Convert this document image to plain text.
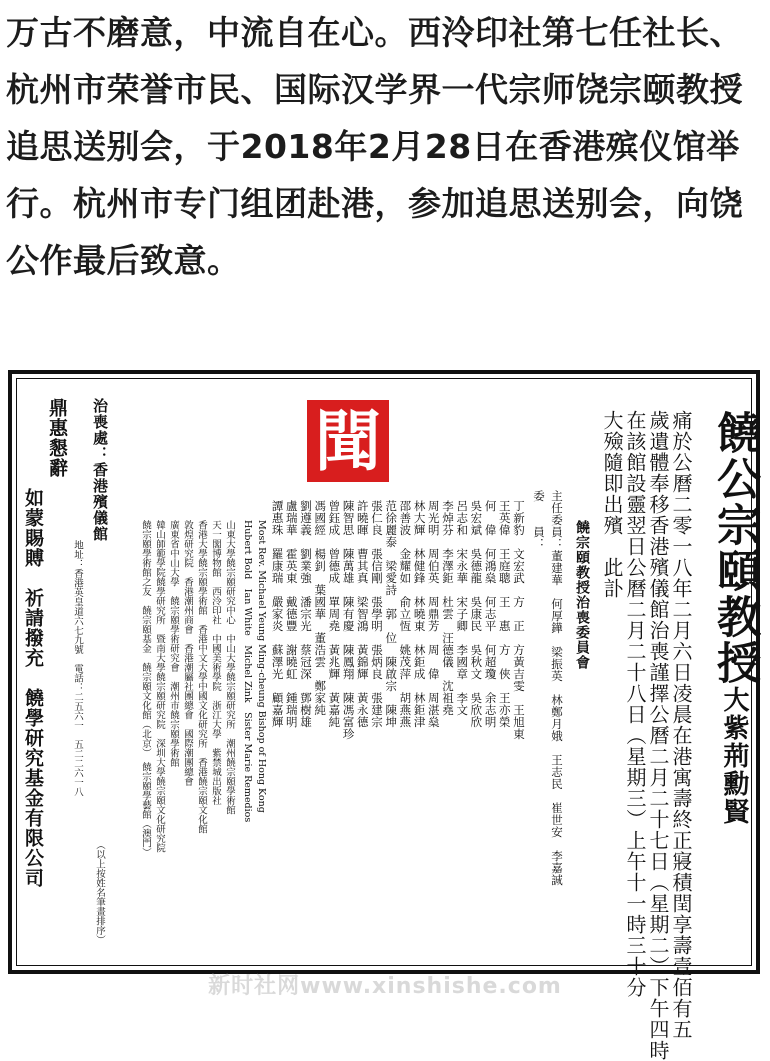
万古不磨意，中流自在心。西泠印社第七任社长、杭州市荣誉市民、国际汉学界一代宗师饶宗颐教授追思送别会，于2018年2月28日在香港殡仪馆举行。杭州市专门组团赴港，参加追思送别会，向饶公作最后致意。
饒公宗頤教授大紫荊勳賢
痛於公曆二零一八年二月六日凌晨在港寓壽終正寢積閏享壽壹佰有五
歲遺體奉移香港殯儀館治喪謹擇公曆二月二十七日（星期二）下午四時
在該館設靈翌日公曆二月二十八日（星期三）上午十一時三十分
大殮隨即出殯　此訃
聞
饒宗頤教授治喪委員會
主任委員：董建華　何厚鏵　梁振英　林鄭月娥　王志民　崔世安　李嘉誠
委　　員：
丁新豹　文宏武　方　正　方黃吉雯　王旭東
王英偉　王庭聰　王　惠　方　俠　王亦榮
何　偉　何鴻燊　何志平　何超瓊　余志明
吳宏斌　吳德龍　吳康民　吳秋文　吳欣欣
呂志和　宋永華　宋子卿　李國章　李文
李焯芬　李澤鉅　杜雲　汪德儀　沈祖堯
周光明　周伯英　周鼎芳　周　偉　周湛燊
林大輝　林健鋒　林曉東　林鉅成　林鉅津
邵善波　金耀如　俞立恆　姚茂萍　胡燕燕
范徐麗泰　梁愛詩　郭　位　陳啟宗　陳坤
張仁良　張信剛　張學明　張炳良　張建宗
許曉暉　曹其真　梁智鴻　黃錦輝　黃永德
陳智思　陳萬雄　陳有慶　陳鳳翔　陳馮富珍
曾鈺成　曾德成　單周堯　黃兆輝　黃嘉純
馮國經　楊釗　葉國華　董浩雲　鄭家純
劉遵義　劉業強　潘宗光　蔡冠深　鄧樹雄
盧瑞華　霍英東　戴德豐　謝曉虹　鍾瑞明
譚惠珠　羅康瑞　嚴家炎　蘇澤光　顧嘉輝
Most Rev. Michael Yeung Ming-cheung Bishop of Hong Kong
Hubert Bold　Ian White　Michel Zink　Sister Marie Remedios
山東大學饒宗頤研究中心　中山大學饒宗頤研究所　潮州饒宗頤學術館
天一閣博物館　西泠印社　中國美術學院　浙江大學　紫禁城出版社
香港大學饒宗頤學術館　香港中文大學中國文化研究所　香港饒宗頤文化館
敦煌研究院　香港潮州商會　香港潮屬社團總會　國際潮團總會
廣東省中山大學　饒宗頤學術研究會　潮州市饒宗頤學術館
韓山師範學院饒學研究所　暨南大學饒宗頤研究院　深圳大學饒宗頤文化研究院
饒宗頤學術館之友　饒宗頤基金　饒宗頤文化館（北京）　饒宗頤學藝館（澳門）
治喪處：香港殯儀館
地址：香港英皇道六七九號　電話：二五六一　五二二六一八
鼎惠懇辭
如蒙賜賻　祈請撥充　饒學研究基金有限公司
（以上按姓名筆畫排序）
新时社网www.xinshishe.com
